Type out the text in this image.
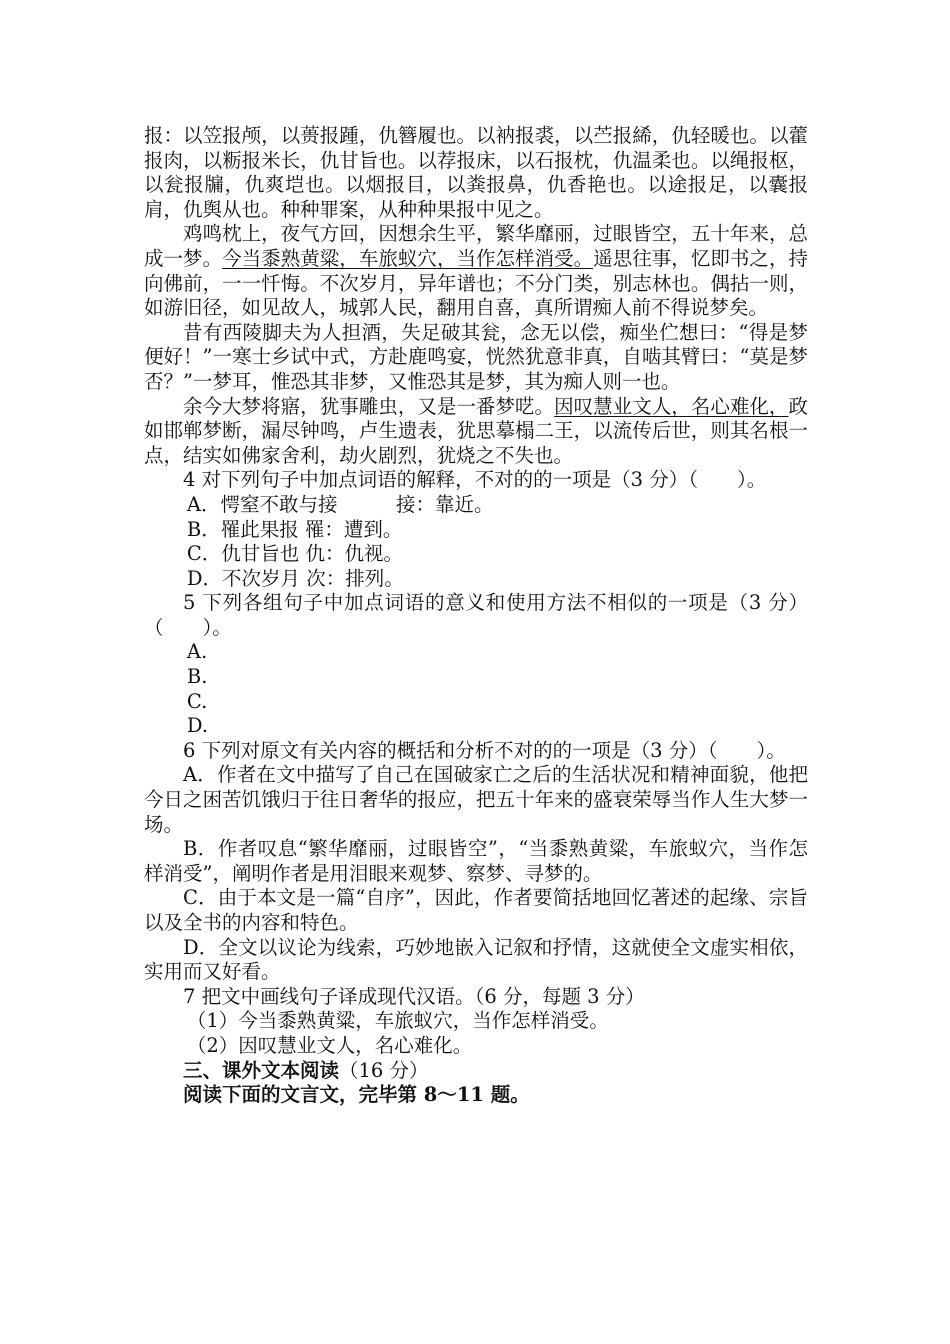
报：以笠报颅，以蒉报踵，仇簪履也。以衲报裘，以苎报絺，仇轻暖也。以藿报肉，以粝报米长，仇甘旨也。以荐报床，以石报枕，仇温柔也。以绳报枢，以瓮报牖，仇爽垲也。以烟报目，以粪报鼻，仇香艳也。以途报足，以囊报肩，仇舆从也。种种罪案，从种种果报中见之。

鸡鸣枕上，夜气方回，因想余生平，繁华靡丽，过眼皆空，五十年来，总成一梦。今当黍熟黄粱，车旅蚁穴，当作怎样消受。遥思往事，忆即书之，持向佛前，一一忏悔。不次岁月，异年谱也；不分门类，别志林也。偶拈一则，如游旧径，如见故人，城郭人民，翻用自喜，真所谓痴人前不得说梦矣。

昔有西陵脚夫为人担酒，失足破其瓮，念无以偿，痴坐伫想曰：“得是梦便好！”一寒士乡试中式，方赴鹿鸣宴，恍然犹意非真，自啮其臂曰：“莫是梦否？”一梦耳，惟恐其非梦，又惟恐其是梦，其为痴人则一也。

余今大梦将寤，犹事雕虫，又是一番梦呓。因叹慧业文人，名心难化，政如邯郸梦断，漏尽钟鸣，卢生遗表，犹思摹榻二王，以流传后世，则其名根一点，结实如佛家舍利，劫火剧烈，犹烧之不失也。

4 对下列句子中加点词语的解释，不对的的一项是（3 分）（　　）。

A．愕窒不敢与接　　　接：靠近。

B．罹此果报 罹：遭到。

C．仇甘旨也 仇：仇视。

D．不次岁月 次：排列。

5 下列各组句子中加点词语的意义和使用方法不相似的一项是（3 分）（　　）。

A.

B.

C.

D.

6 下列对原文有关内容的概括和分析不对的的一项是（3 分）（　　）。

A．作者在文中描写了自己在国破家亡之后的生活状况和精神面貌，他把今日之困苦饥饿归于往日奢华的报应，把五十年来的盛衰荣辱当作人生大梦一场。

B．作者叹息“繁华靡丽，过眼皆空”，“当黍熟黄粱，车旅蚁穴，当作怎样消受”，阐明作者是用泪眼来观梦、察梦、寻梦的。

C．由于本文是一篇“自序”，因此，作者要简括地回忆著述的起缘、宗旨以及全书的内容和特色。

D．全文以议论为线索，巧妙地嵌入记叙和抒情，这就使全文虚实相依，实用而又好看。

7 把文中画线句子译成现代汉语。（6 分，每题 3 分）

（1）今当黍熟黄粱，车旅蚁穴，当作怎样消受。

（2）因叹慧业文人，名心难化。

三、课外文本阅读（16 分）

阅读下面的文言文，完毕第 8～11 题。
